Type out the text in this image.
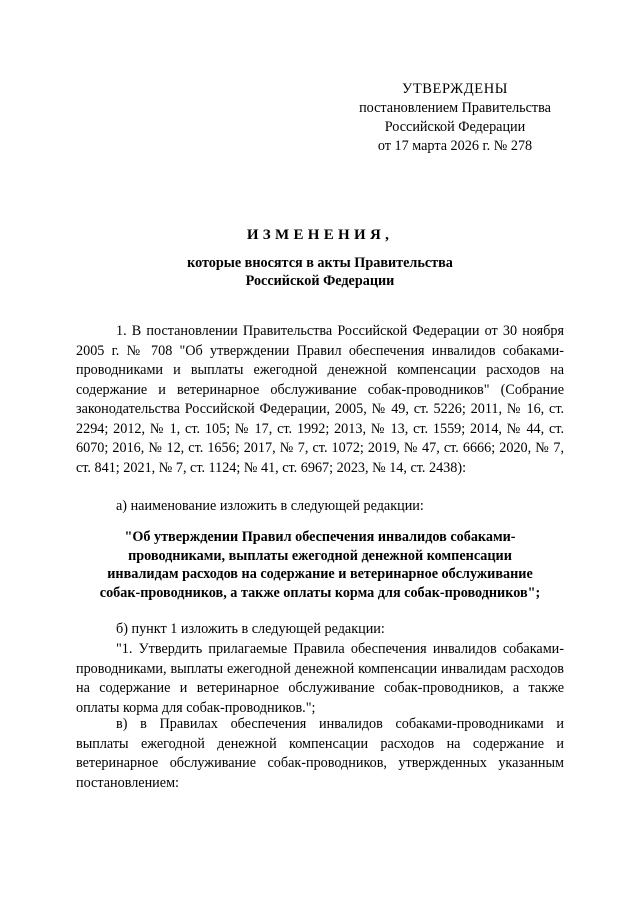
УТВЕРЖДЕНЫ
постановлением Правительства
Российской Федерации
от 17 марта 2026 г. № 278
ИЗМЕНЕНИЯ,
которые вносятся в акты Правительства
Российской Федерации

1. В постановлении Правительства Российской Федерации от 30 ноября 2005 г. № 708 "Об утверждении Правил обеспечения инвалидов собаками-проводниками и выплаты ежегодной денежной компенсации расходов на содержание и ветеринарное обслуживание собак-проводников" (Собрание законодательства Российской Федерации, 2005, № 49, ст. 5226; 2011, № 16, ст. 2294; 2012, № 1, ст. 105; № 17, ст. 1992; 2013, № 13, ст. 1559; 2014, № 44, ст. 6070; 2016, № 12, ст. 1656; 2017, № 7, ст. 1072; 2019, № 47, ст. 6666; 2020, № 7, ст. 841; 2021, № 7, ст. 1124; № 41, ст. 6967; 2023, № 14, ст. 2438):

а) наименование изложить в следующей редакции:

"Об утверждении Правил обеспечения инвалидов собаками-
проводниками, выплаты ежегодной денежной компенсации
инвалидам расходов на содержание и ветеринарное обслуживание
собак-проводников, а также оплаты корма для собак-проводников";

б) пункт 1 изложить в следующей редакции:

"1. Утвердить прилагаемые Правила обеспечения инвалидов собаками-проводниками, выплаты ежегодной денежной компенсации инвалидам расходов на содержание и ветеринарное обслуживание собак-проводников, а также оплаты корма для собак-проводников.";

в) в Правилах обеспечения инвалидов собаками-проводниками и выплаты ежегодной денежной компенсации расходов на содержание и ветеринарное обслуживание собак-проводников, утвержденных указанным постановлением:
